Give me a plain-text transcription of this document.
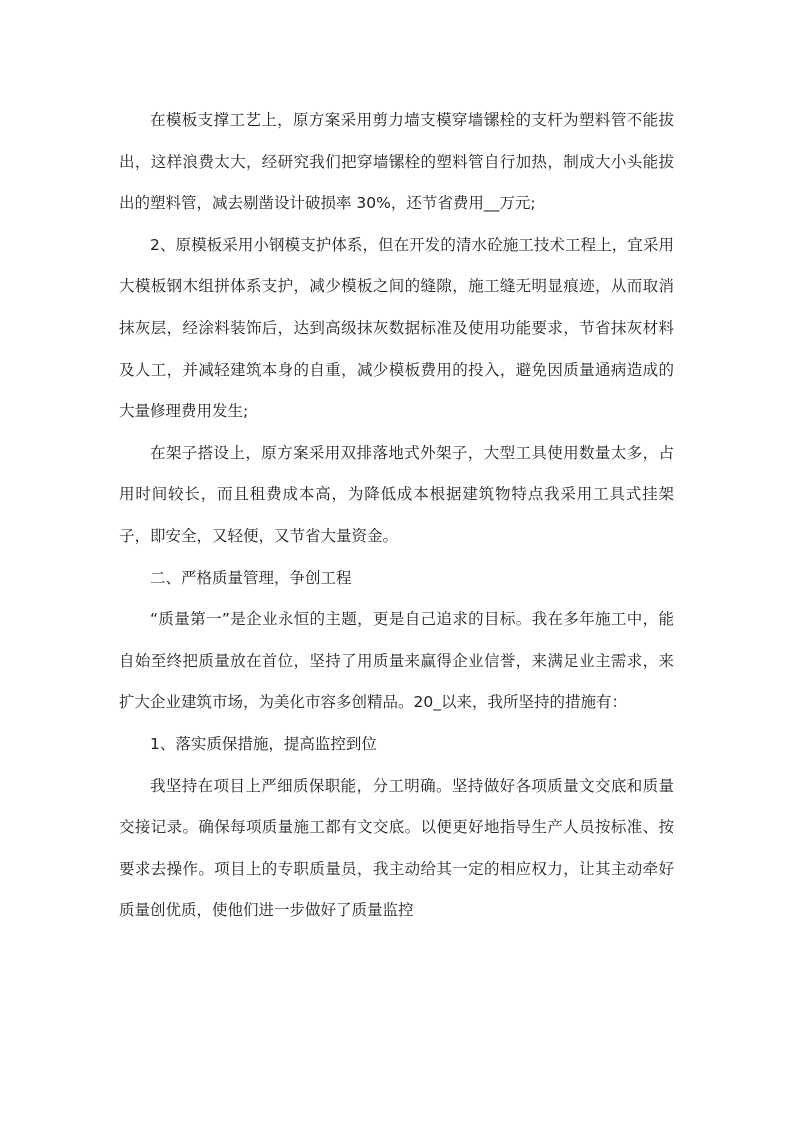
在模板支撑工艺上，原方案采用剪力墙支模穿墙镙栓的支杆为塑料管不能拔出，这样浪费太大，经研究我们把穿墙镙栓的塑料管自行加热，制成大小头能拔出的塑料管，减去剔凿设计破损率 30%，还节省费用__万元;

2、原模板采用小钢模支护体系，但在开发的清水砼施工技术工程上，宜采用大模板钢木组拼体系支护，减少模板之间的缝隙，施工缝无明显痕迹，从而取消抹灰层，经涂料装饰后，达到高级抹灰数据标准及使用功能要求，节省抹灰材料及人工，并减轻建筑本身的自重，减少模板费用的投入，避免因质量通病造成的大量修理费用发生;

在架子搭设上，原方案采用双排落地式外架子，大型工具使用数量太多，占用时间较长，而且租费成本高，为降低成本根据建筑物特点我采用工具式挂架子，即安全，又轻便，又节省大量资金。

二、严格质量管理，争创工程

“质量第一”是企业永恒的主题，更是自己追求的目标。我在多年施工中，能自始至终把质量放在首位，坚持了用质量来赢得企业信誉，来满足业主需求，来扩大企业建筑市场，为美化市容多创精品。20_以来，我所坚持的措施有：

1、落实质保措施，提高监控到位

我坚持在项目上严细质保职能，分工明确。坚持做好各项质量文交底和质量交接记录。确保每项质量施工都有文交底。以便更好地指导生产人员按标准、按要求去操作。项目上的专职质量员，我主动给其一定的相应权力，让其主动牵好质量创优质，使他们进一步做好了质量监控
